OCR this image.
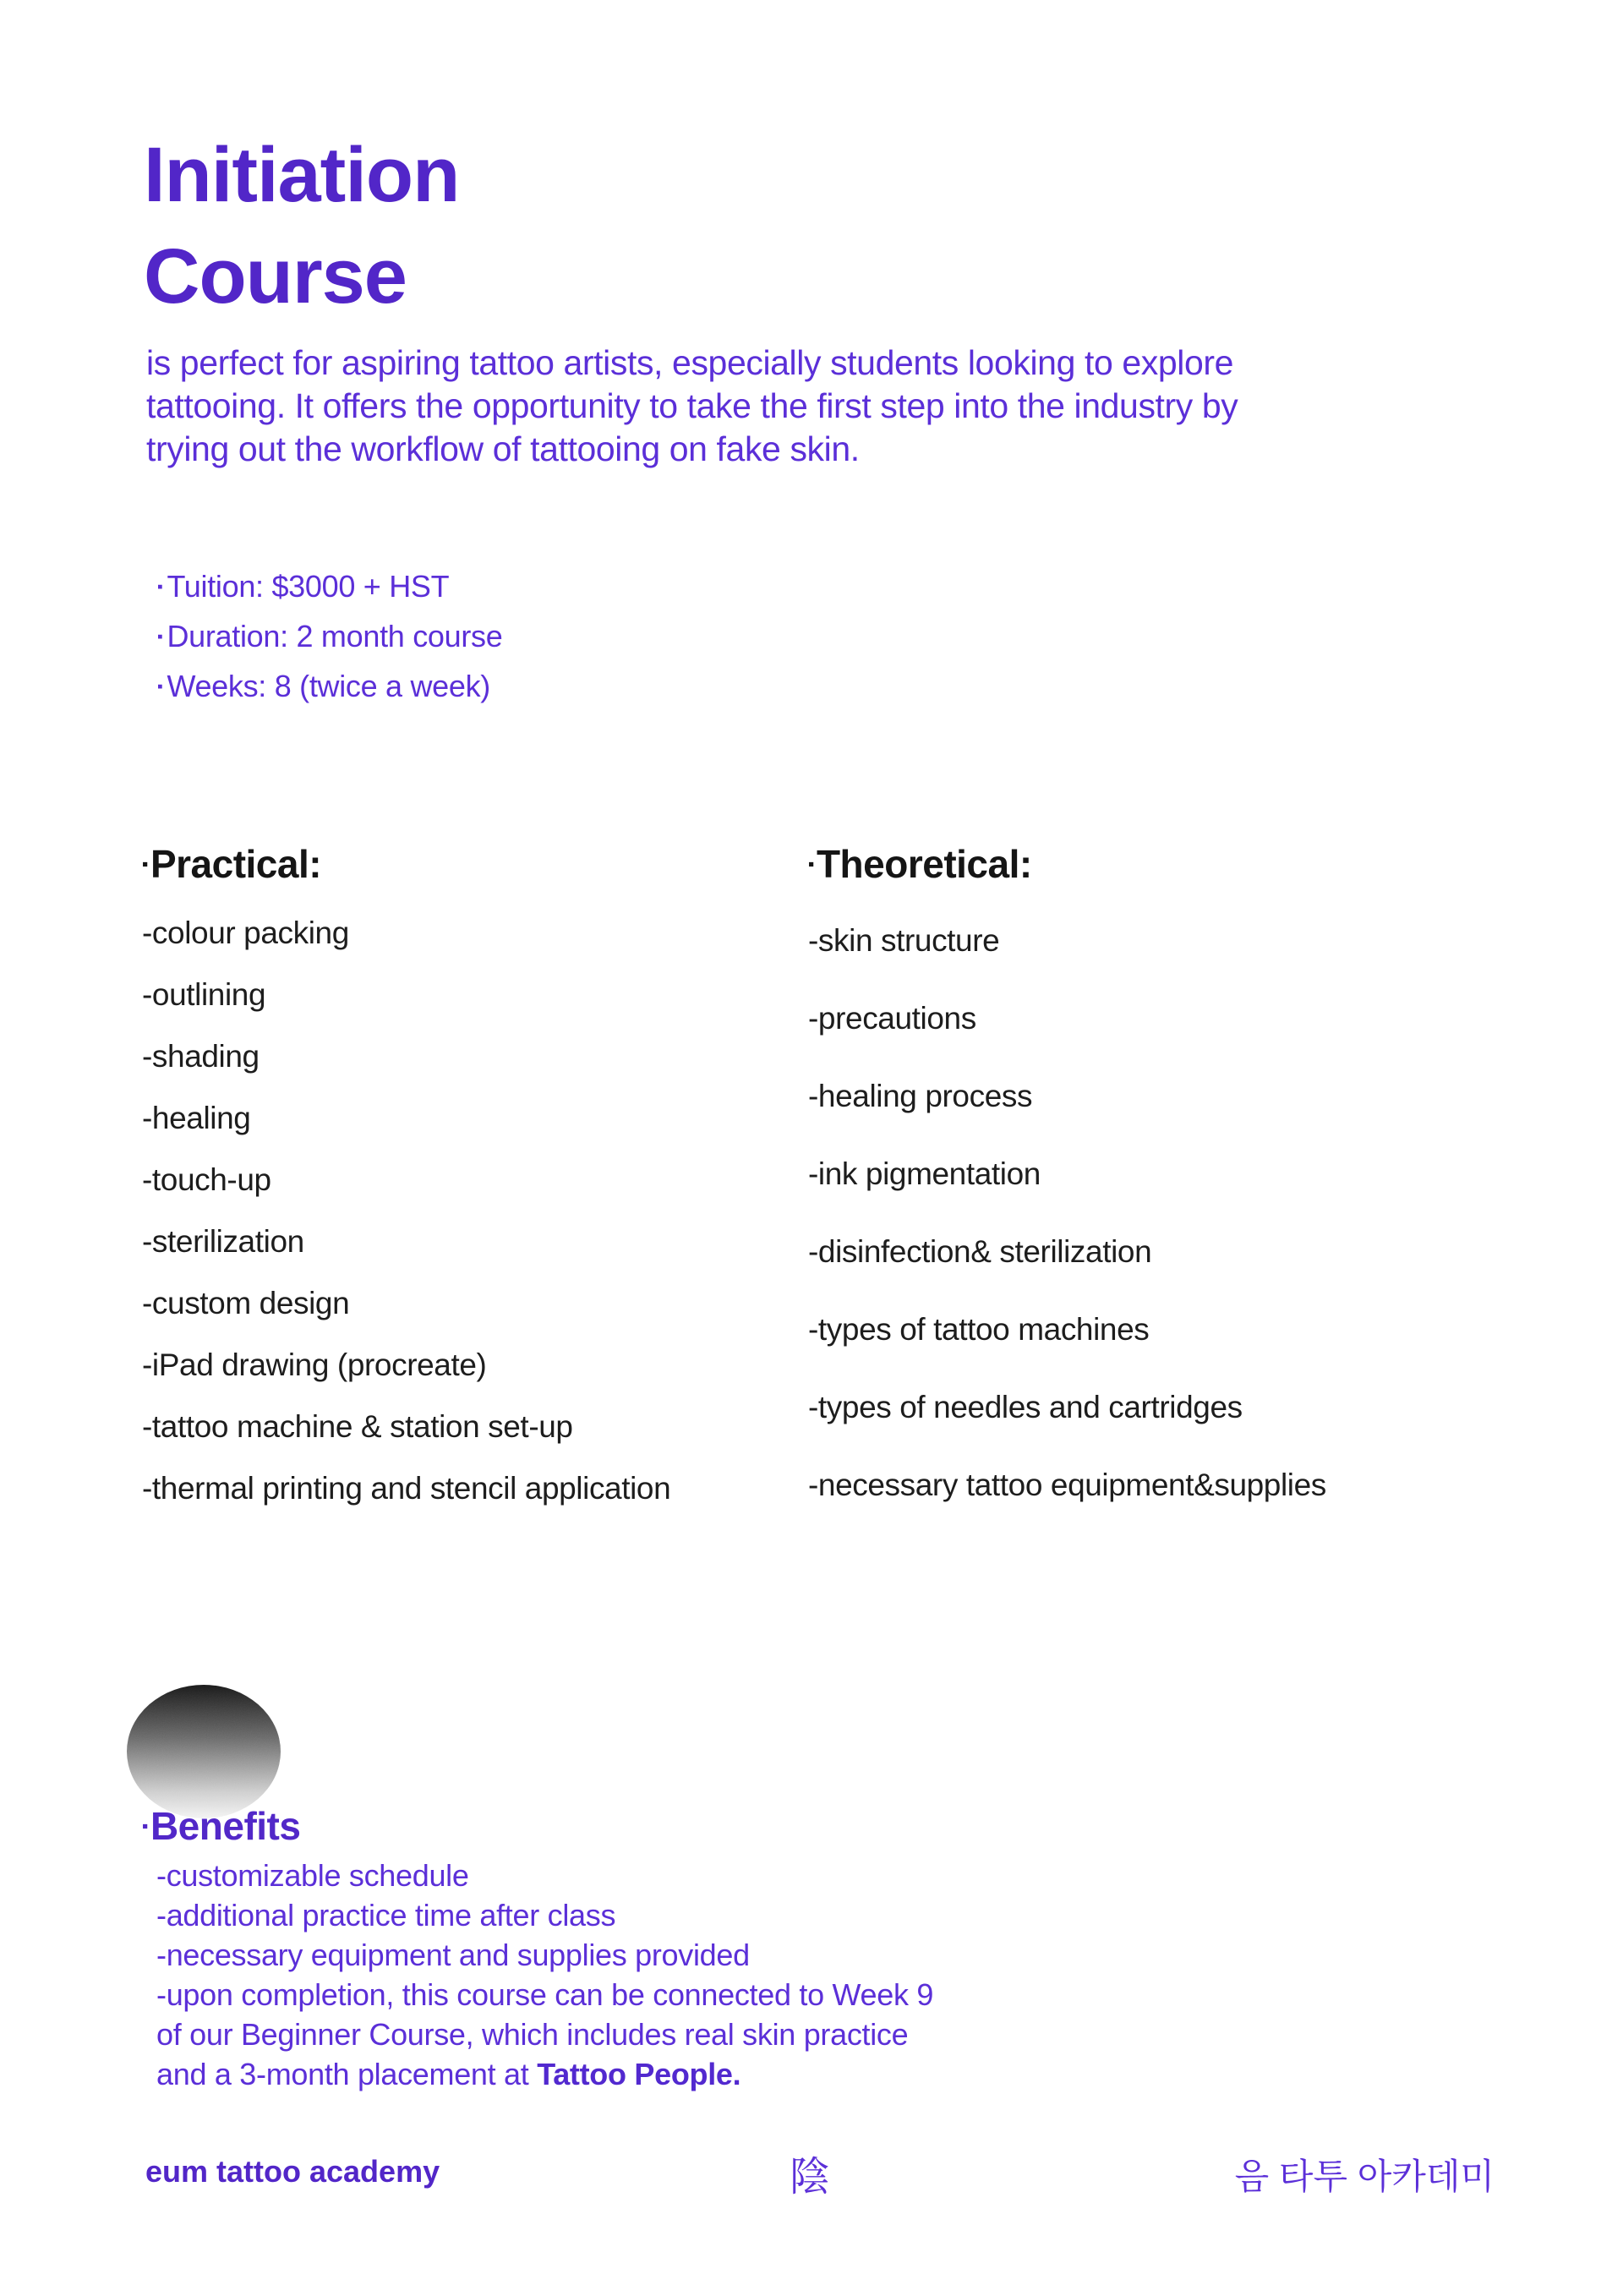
Initiation
Course
is perfect for aspiring tattoo artists, especially students looking to explore
tattooing. It offers the opportunity to take the first step into the industry by
trying out the workflow of tattooing on fake skin.
▪ Tuition: $3000 + HST
▪ Duration: 2 month course
▪ Weeks: 8 (twice a week)
▪Practical:
-colour packing
-outlining
-shading
-healing
-touch-up
-sterilization
-custom design
-iPad drawing (procreate)
-tattoo machine & station set-up
-thermal printing and stencil application
▪Theoretical:
-skin structure
-precautions
-healing process
-ink pigmentation
-disinfection& sterilization
-types of tattoo machines
-types of needles and cartridges
-necessary tattoo equipment&supplies
▪Benefits
-customizable schedule
-additional practice time after class
-necessary equipment and supplies provided
-upon completion, this course can be connected to Week 9
of our Beginner Course, which includes real skin practice
and a 3-month placement at Tattoo People.
eum tattoo academy	陰	음 타투 아카데미
